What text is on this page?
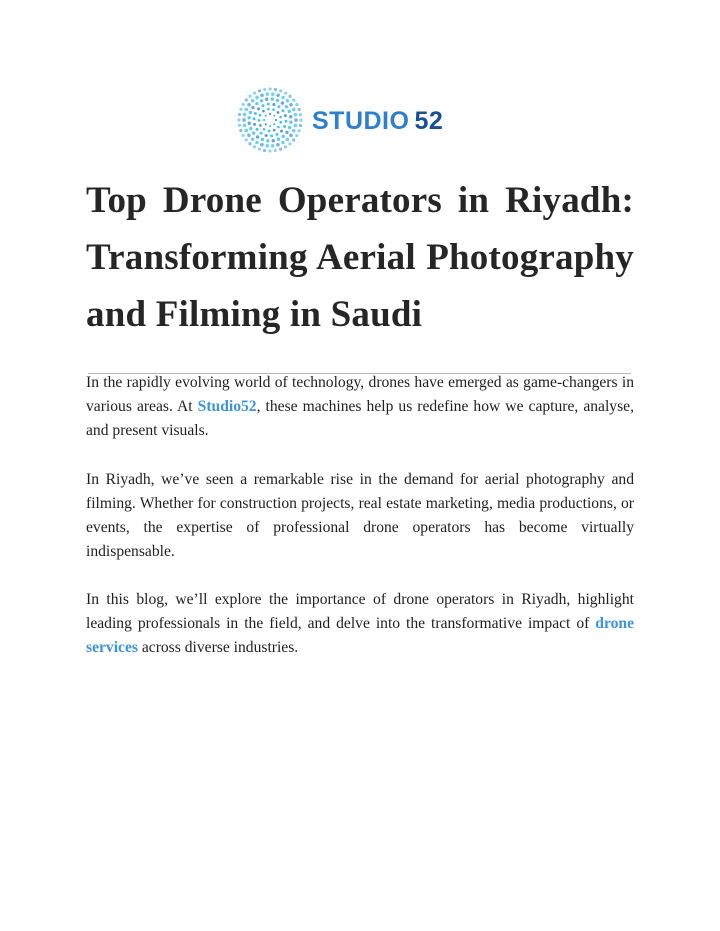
STUDIO 52
Top Drone Operators in Riyadh:
Transforming Aerial Photography
and Filming in Saudi

In the rapidly evolving world of technology, drones have emerged as game-changers in various areas. At Studio52, these machines help us redefine how we capture, analyse, and present visuals.

In Riyadh, we’ve seen a remarkable rise in the demand for aerial photography and filming. Whether for construction projects, real estate marketing, media productions, or events, the expertise of professional drone operators has become virtually indispensable.

In this blog, we’ll explore the importance of drone operators in Riyadh, highlight leading professionals in the field, and delve into the transformative impact of drone services across diverse industries.
